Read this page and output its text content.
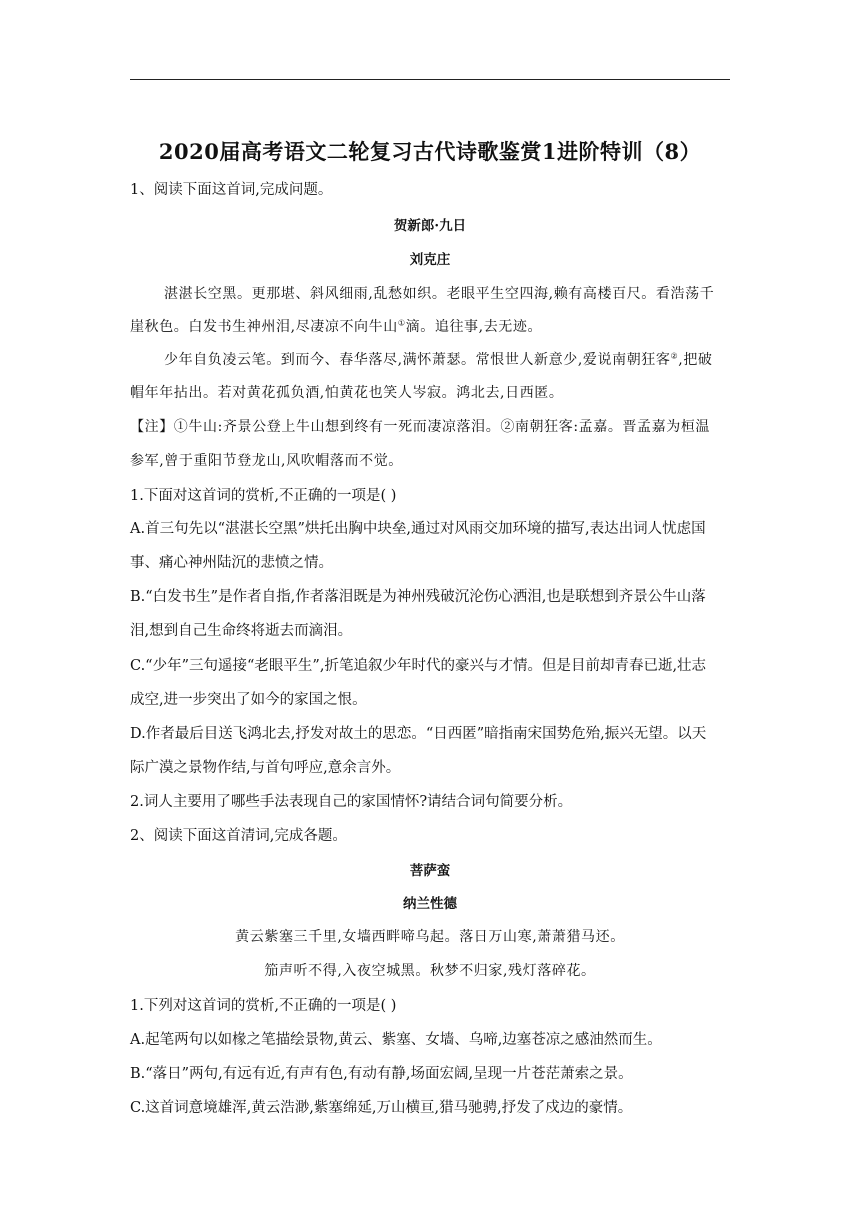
2020届高考语文二轮复习古代诗歌鉴赏1进阶特训（8）
1、阅读下面这首词,完成问题。
贺新郎·九日
刘克庄
湛湛长空黑。更那堪、斜风细雨,乱愁如织。老眼平生空四海,赖有高楼百尺。看浩荡千
崖秋色。白发书生神州泪,尽凄凉不向牛山①滴。追往事,去无迹。
少年自负凌云笔。到而今、春华落尽,满怀萧瑟。常恨世人新意少,爱说南朝狂客②,把破
帽年年拈出。若对黄花孤负酒,怕黄花也笑人岑寂。鸿北去,日西匿。
【注】①牛山:齐景公登上牛山想到终有一死而凄凉落泪。②南朝狂客:孟嘉。晋孟嘉为桓温
参军,曾于重阳节登龙山,风吹帽落而不觉。
1.下面对这首词的赏析,不正确的一项是( )
A.首三句先以“湛湛长空黑”烘托出胸中块垒,通过对风雨交加环境的描写,表达出词人忧虑国
事、痛心神州陆沉的悲愤之情。
B.“白发书生”是作者自指,作者落泪既是为神州残破沉沦伤心洒泪,也是联想到齐景公牛山落
泪,想到自己生命终将逝去而滴泪。
C.“少年”三句遥接“老眼平生”,折笔追叙少年时代的豪兴与才情。但是目前却青春已逝,壮志
成空,进一步突出了如今的家国之恨。
D.作者最后目送飞鸿北去,抒发对故土的思恋。“日西匿”暗指南宋国势危殆,振兴无望。以天
际广漠之景物作结,与首句呼应,意余言外。
2.词人主要用了哪些手法表现自己的家国情怀?请结合词句简要分析。
2、阅读下面这首清词,完成各题。
菩萨蛮
纳兰性德
黄云紫塞三千里,女墙西畔啼乌起。落日万山寒,萧萧猎马还。
笳声听不得,入夜空城黑。秋梦不归家,残灯落碎花。
1.下列对这首词的赏析,不正确的一项是( )
A.起笔两句以如椽之笔描绘景物,黄云、紫塞、女墙、乌啼,边塞苍凉之感油然而生。
B.“落日”两句,有远有近,有声有色,有动有静,场面宏阔,呈现一片苍茫萧索之景。
C.这首词意境雄浑,黄云浩渺,紫塞绵延,万山横亘,猎马驰骋,抒发了戍边的豪情。
